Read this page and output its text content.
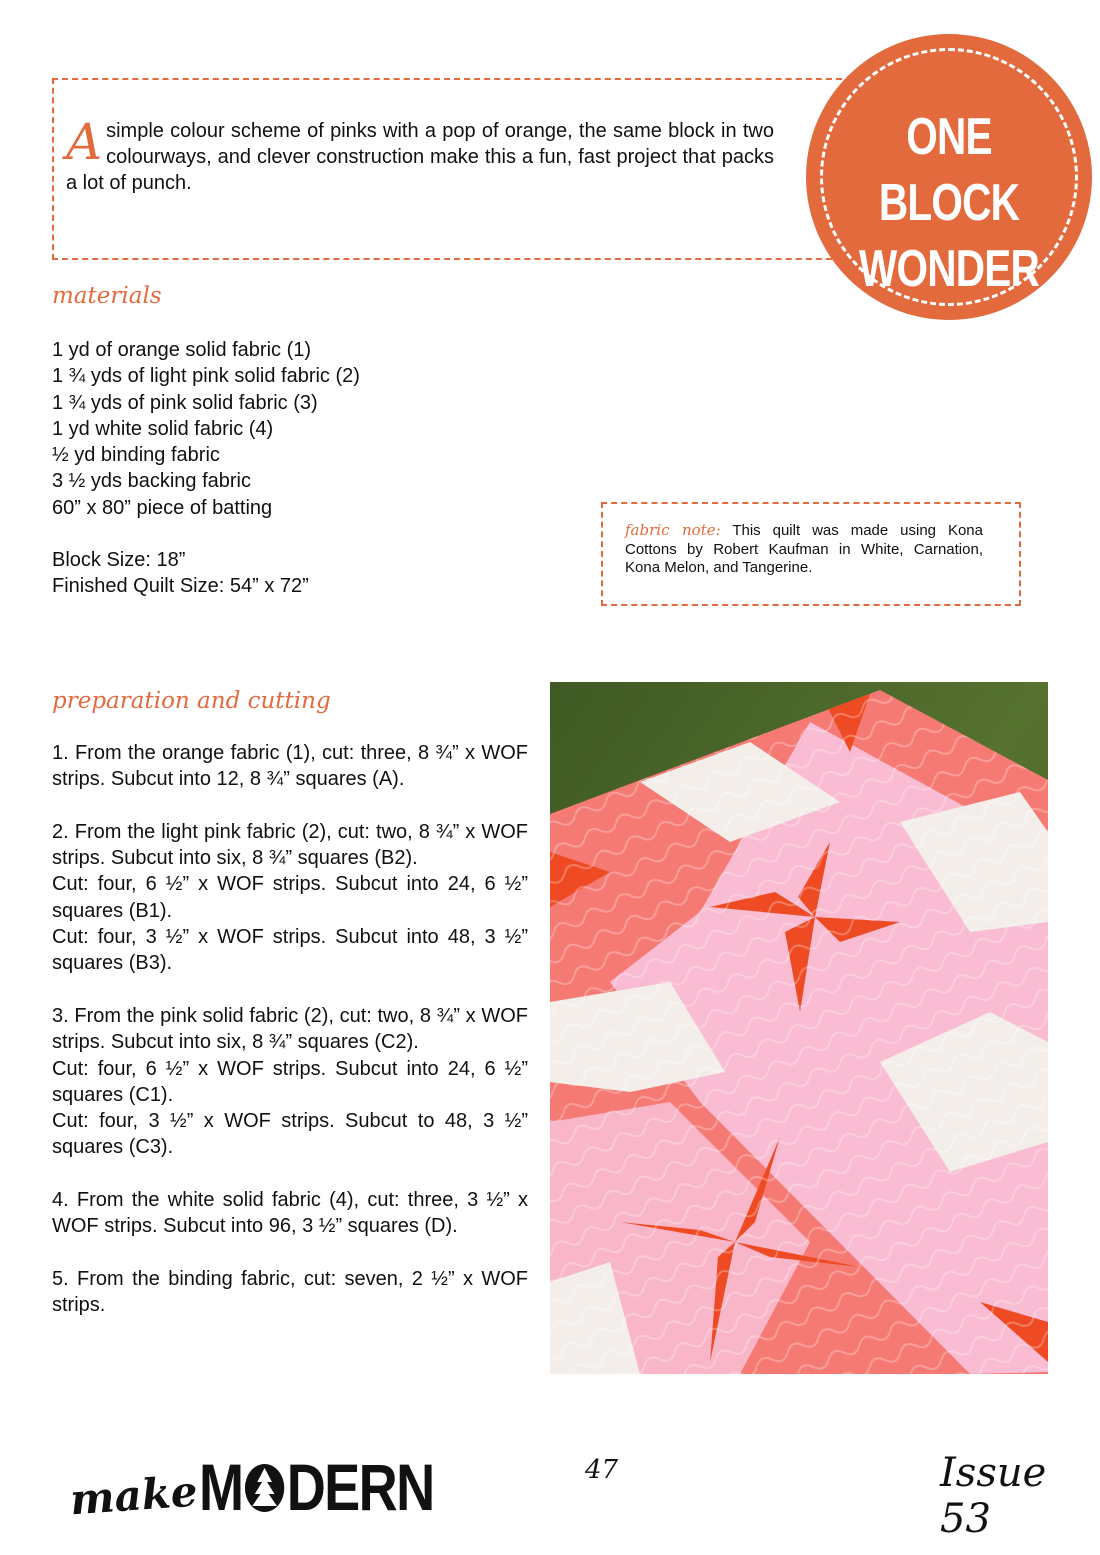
Asimple colour scheme of pinks with a pop of orange, the same block in two colourways, and clever construction make this a fun, fast project that packs a lot of punch.
ONE BLOCK
WONDER
materials
1 yd of orange solid fabric (1)
1 ¾ yds of light pink solid fabric (2)
1 ¾ yds of pink solid fabric (3)
1 yd white solid fabric (4)
½ yd binding fabric
3 ½ yds backing fabric
60” x 80” piece of batting
Block Size: 18”
Finished Quilt Size: 54” x 72”
fabric note: This quilt was made using Kona Cottons by Robert Kaufman in White, Carnation, Kona Melon, and Tangerine.
preparation and cutting

1. From the orange fabric (1), cut: three, 8 ¾” x WOF strips. Subcut into 12, 8 ¾” squares (A).

2. From the light pink fabric (2), cut: two, 8 ¾” x WOF strips. Subcut into six, 8 ¾” squares (B2).
Cut: four, 6 ½” x WOF strips. Subcut into 24, 6 ½” squares (B1).
Cut: four, 3 ½” x WOF strips. Subcut into 48, 3 ½” squares (B3).

3. From the pink solid fabric (2), cut: two, 8 ¾” x WOF strips. Subcut into six, 8 ¾” squares (C2).
Cut: four, 6 ½” x WOF strips. Subcut into 24, 6 ½” squares (C1).
Cut: four, 3 ½” x WOF strips. Subcut to 48, 3 ½” squares (C3).

4. From the white solid fabric (4), cut: three, 3 ½” x WOF strips. Subcut into 96, 3 ½” squares (D).

5. From the binding fabric, cut: seven, 2 ½” x WOF strips.

make M DERN	47	Issue 53
